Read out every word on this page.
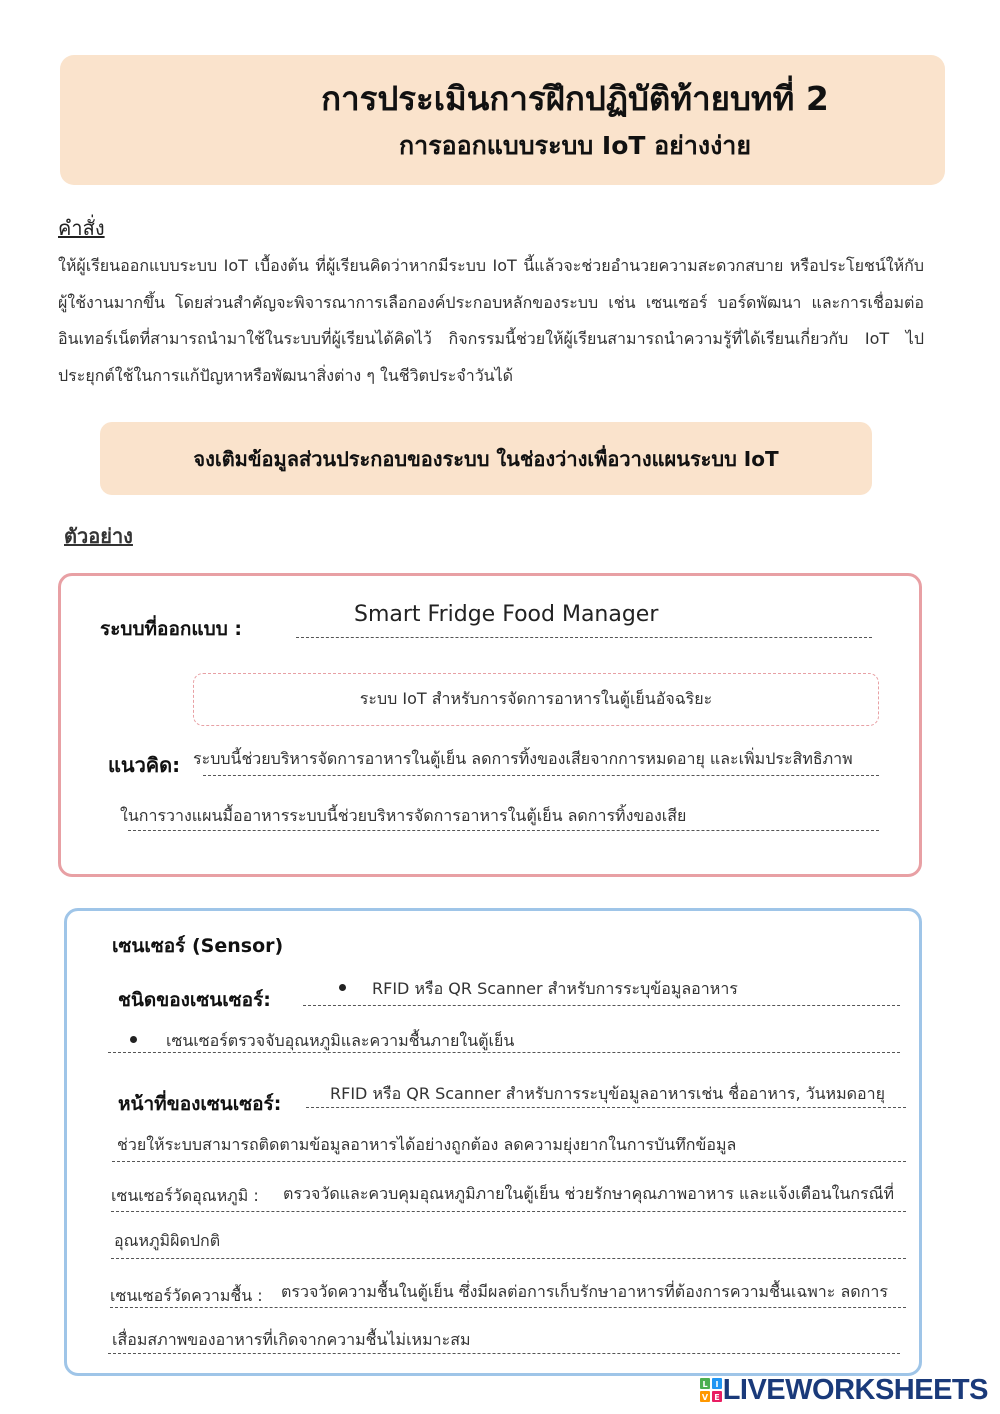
การประเมินการฝึกปฏิบัติท้ายบทที่ 2
การออกแบบระบบ IoT อย่างง่าย
คำสั่ง
ให้ผู้เรียนออกแบบระบบ IoT เบื้องต้น ที่ผู้เรียนคิดว่าหากมีระบบ IoT นี้แล้วจะช่วยอำนวยความสะดวกสบาย หรือประโยชน์ให้กับผู้ใช้งานมากขึ้น โดยส่วนสำคัญจะพิจารณาการเลือกองค์ประกอบหลักของระบบ เช่น เซนเซอร์ บอร์ดพัฒนา และการเชื่อมต่ออินเทอร์เน็ตที่สามารถนำมาใช้ในระบบที่ผู้เรียนได้คิดไว้ กิจกรรมนี้ช่วยให้ผู้เรียนสามารถนำความรู้ที่ได้เรียนเกี่ยวกับ IoT ไปประยุกต์ใช้ในการแก้ปัญหาหรือพัฒนาสิ่งต่าง ๆ ในชีวิตประจำวันได้
จงเติมข้อมูลส่วนประกอบของระบบ ในช่องว่างเพื่อวางแผนระบบ IoT
ตัวอย่าง
ระบบที่ออกแบบ :
Smart Fridge Food Manager
ระบบ IoT สำหรับการจัดการอาหารในตู้เย็นอัจฉริยะ
แนวคิด: ระบบนี้ช่วยบริหารจัดการอาหารในตู้เย็น ลดการทิ้งของเสียจากการหมดอายุ และเพิ่มประสิทธิภาพ
ในการวางแผนมื้ออาหารระบบนี้ช่วยบริหารจัดการอาหารในตู้เย็น ลดการทิ้งของเสีย
เซนเซอร์ (Sensor)
ชนิดของเซนเซอร์:
RFID หรือ QR Scanner สำหรับการระบุข้อมูลอาหาร
เซนเซอร์ตรวจจับอุณหภูมิและความชื้นภายในตู้เย็น
หน้าที่ของเซนเซอร์:	RFID หรือ QR Scanner สำหรับการระบุข้อมูลอาหารเช่น ชื่ออาหาร, วันหมดอายุ
ช่วยให้ระบบสามารถติดตามข้อมูลอาหารได้อย่างถูกต้อง ลดความยุ่งยากในการบันทึกข้อมูล
เซนเซอร์วัดอุณหภูมิ : ตรวจวัดและควบคุมอุณหภูมิภายในตู้เย็น ช่วยรักษาคุณภาพอาหาร และแจ้งเตือนในกรณีที่
อุณหภูมิผิดปกติ
เซนเซอร์วัดความชื้น : ตรวจวัดความชื้นในตู้เย็น ซึ่งมีผลต่อการเก็บรักษาอาหารที่ต้องการความชื้นเฉพาะ ลดการ
เสื่อมสภาพของอาหารที่เกิดจากความชื้นไม่เหมาะสม
L I
V E LIVEWORKSHEETS
